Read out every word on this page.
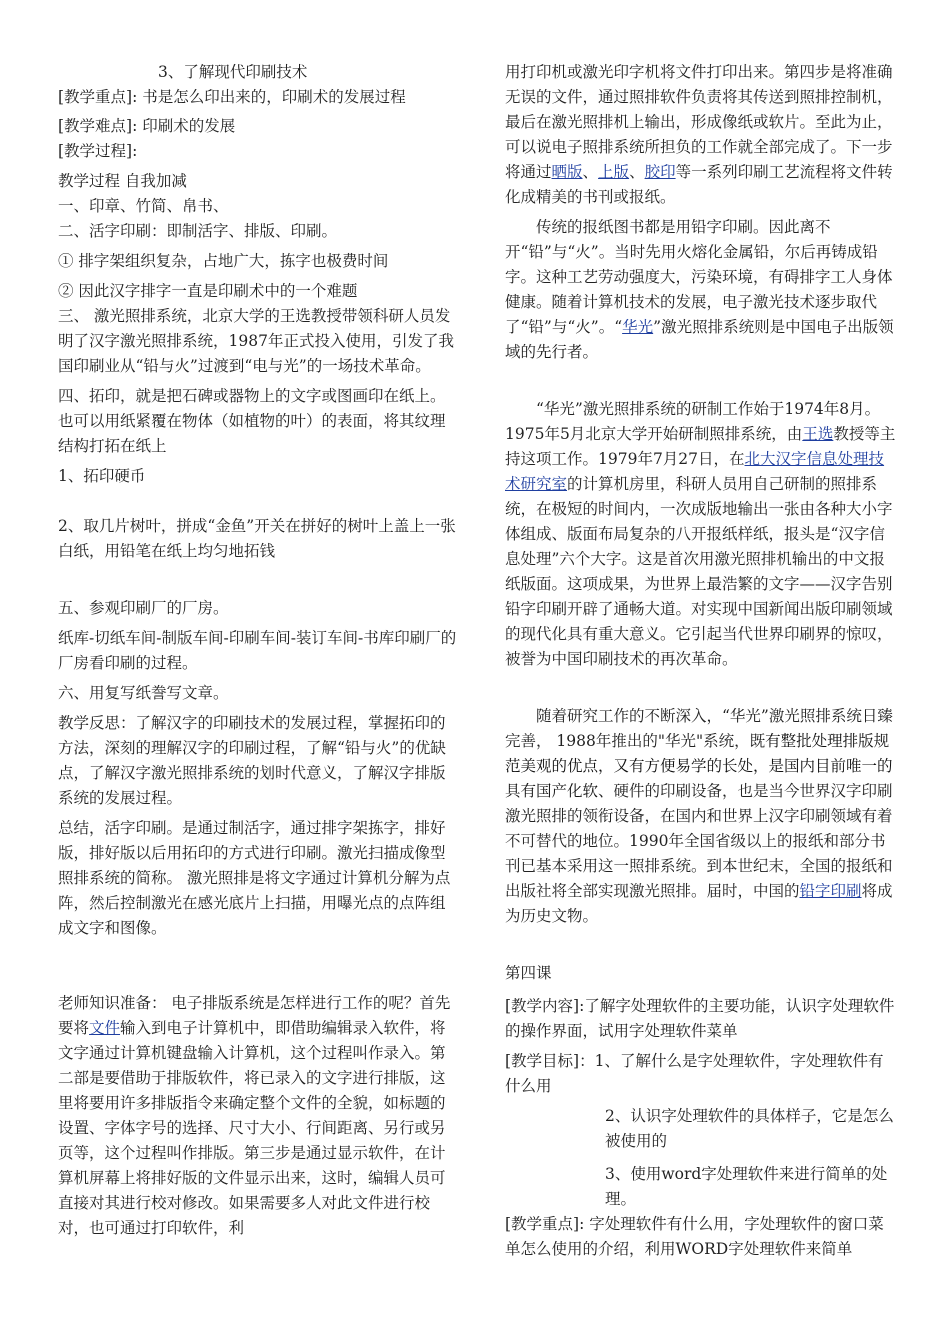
3、了解现代印刷技术

[教学重点]: 书是怎么印出来的，印刷术的发展过程

[教学难点]: 印刷术的发展

[教学过程]:

教学过程 自我加减

一、印章、竹简、帛书、

二、活字印刷：即制活字、排版、印刷。

① 排字架组织复杂，占地广大，拣字也极费时间

② 因此汉字排字一直是印刷术中的一个难题

三、 激光照排系统，北京大学的王选教授带领科研人员发明了汉字激光照排系统，1987年正式投入使用，引发了我国印刷业从“铅与火”过渡到“电与光”的一场技术革命。

四、拓印，就是把石碑或器物上的文字或图画印在纸上。也可以用纸紧覆在物体（如植物的叶）的表面，将其纹理结构打拓在纸上

1、拓印硬币

2、取几片树叶，拼成“金鱼”开关在拼好的树叶上盖上一张白纸，用铅笔在纸上均匀地拓钱

五、参观印刷厂的厂房。

纸库-切纸车间-制版车间-印刷车间-装订车间-书库印刷厂的厂房看印刷的过程。

六、用复写纸誊写文章。

教学反思：了解汉字的印刷技术的发展过程，掌握拓印的方法，深刻的理解汉字的印刷过程，了解“铅与火”的优缺点，了解汉字激光照排系统的划时代意义，了解汉字排版系统的发展过程。

总结，活字印刷。是通过制活字，通过排字架拣字，排好版，排好版以后用拓印的方式进行印刷。激光扫描成像型照排系统的简称。 激光照排是将文字通过计算机分解为点阵，然后控制激光在感光底片上扫描，用曝光点的点阵组成文字和图像。

老师知识准备： 电子排版系统是怎样进行工作的呢？首先要将文件输入到电子计算机中，即借助编辑录入软件，将文字通过计算机键盘输入计算机，这个过程叫作录入。第二部是要借助于排版软件，将已录入的文字进行排版，这里将要用许多排版指令来确定整个文件的全貌，如标题的设置、字体字号的选择、尺寸大小、行间距离、另行或另页等，这个过程叫作排版。第三步是通过显示软件，在计算机屏幕上将排好版的文件显示出来，这时，编辑人员可直接对其进行校对修改。如果需要多人对此文件进行校对，也可通过打印软件，利

用打印机或激光印字机将文件打印出来。第四步是将准确无误的文件，通过照排软件负责将其传送到照排控制机，最后在激光照排机上输出，形成像纸或软片。至此为止，可以说电子照排系统所担负的工作就全部完成了。下一步将通过晒版、上版、胶印等一系列印刷工艺流程将文件转化成精美的书刊或报纸。

传统的报纸图书都是用铅字印刷。因此离不开“铅”与“火”。当时先用火熔化金属铅，尔后再铸成铅字。这种工艺劳动强度大，污染环境，有碍排字工人身体健康。随着计算机技术的发展，电子激光技术逐步取代了“铅”与“火”。“华光”激光照排系统则是中国电子出版领域的先行者。

“华光”激光照排系统的研制工作始于1974年8月。1975年5月北京大学开始研制照排系统，由王选教授等主持这项工作。1979年7月27日，在北大汉字信息处理技术研究室的计算机房里，科研人员用自己研制的照排系统，在极短的时间内，一次成版地输出一张由各种大小字体组成、版面布局复杂的八开报纸样纸，报头是“汉字信息处理”六个大字。这是首次用激光照排机输出的中文报纸版面。这项成果，为世界上最浩繁的文字——汉字告别铅字印刷开辟了通畅大道。对实现中国新闻出版印刷领域的现代化具有重大意义。它引起当代世界印刷界的惊叹，被誉为中国印刷技术的再次革命。

随着研究工作的不断深入，“华光”激光照排系统日臻完善， 1988年推出的"华光"系统，既有整批处理排版规范美观的优点，又有方便易学的长处，是国内目前唯一的具有国产化软、硬件的印刷设备，也是当今世界汉字印刷激光照排的领衔设备，在国内和世界上汉字印刷领域有着不可替代的地位。1990年全国省级以上的报纸和部分书刊已基本采用这一照排系统。到本世纪末，全国的报纸和出版社将全部实现激光照排。届时，中国的铅字印刷将成为历史文物。

第四课

[教学内容]:了解字处理软件的主要功能，认识字处理软件的操作界面，试用字处理软件菜单

[教学目标]：1、了解什么是字处理软件，字处理软件有什么用

2、认识字处理软件的具体样子，它是怎么被使用的

3、使用word字处理软件来进行简单的处理。

[教学重点]: 字处理软件有什么用，字处理软件的窗口菜单怎么使用的介绍，利用WORD字处理软件来简单
